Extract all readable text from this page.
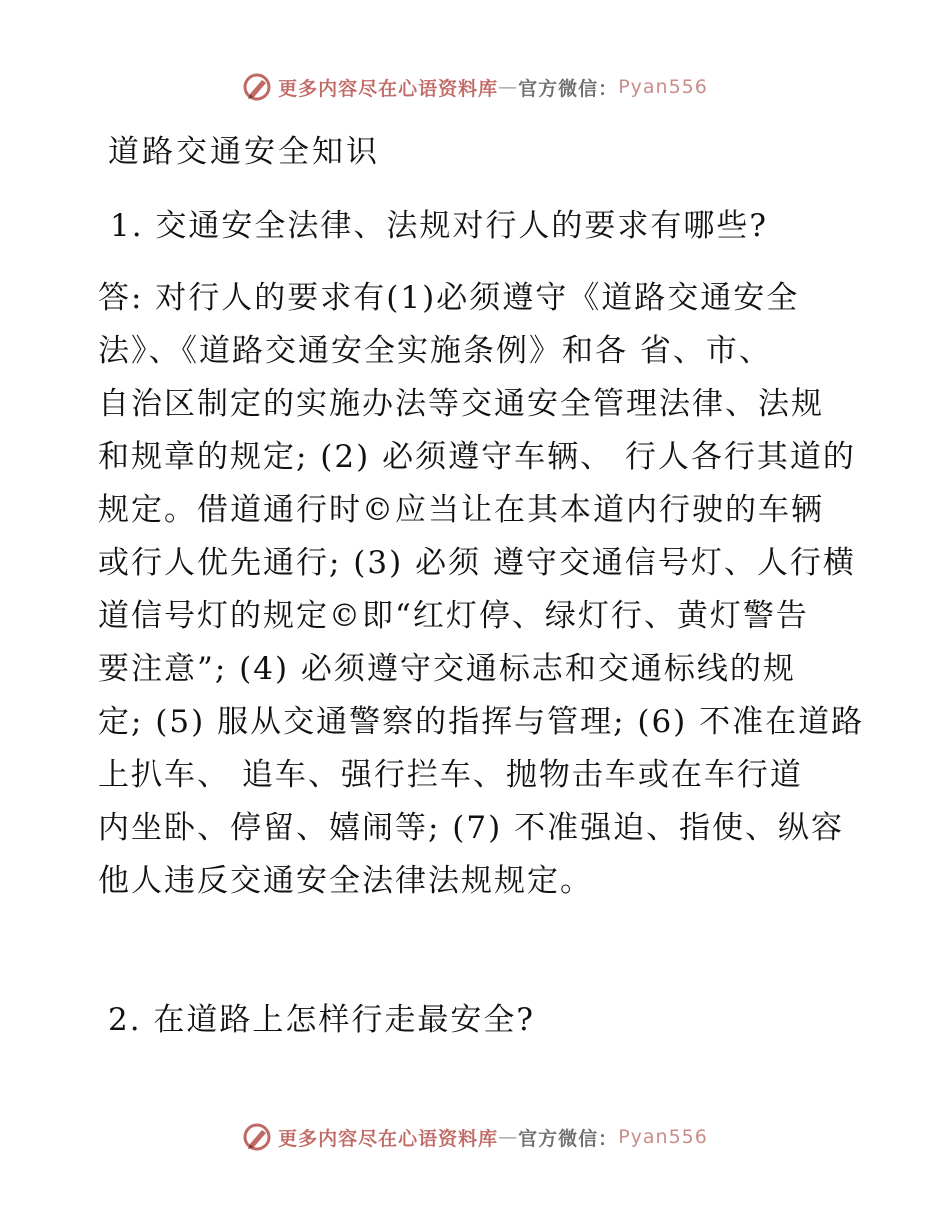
更多内容尽在心语资料库 — 官方微信： Pyan556
道路交通安全知识
1. 交通安全法律、法规对行人的要求有哪些?
答: 对行人的要求有(1)必须遵守《道路交通安全
法》、《道路交通安全实施条例》和各 省、市、
自治区制定的实施办法等交通安全管理法律、法规
和规章的规定; (2) 必须遵守车辆、 行人各行其道的
规定。借道通行时©应当让在其本道内行驶的车辆
或行人优先通行; (3) 必须 遵守交通信号灯、人行横
道信号灯的规定©即“红灯停、绿灯行、黄灯警告
要注意”; (4) 必须遵守交通标志和交通标线的规
定; (5) 服从交通警察的指挥与管理; (6) 不准在道路
上扒车、 追车、强行拦车、抛物击车或在车行道
内坐卧、停留、嬉闹等; (7) 不准强迫、指使、纵容
他人违反交通安全法律法规规定。
2. 在道路上怎样行走最安全?
更多内容尽在心语资料库 — 官方微信： Pyan556
